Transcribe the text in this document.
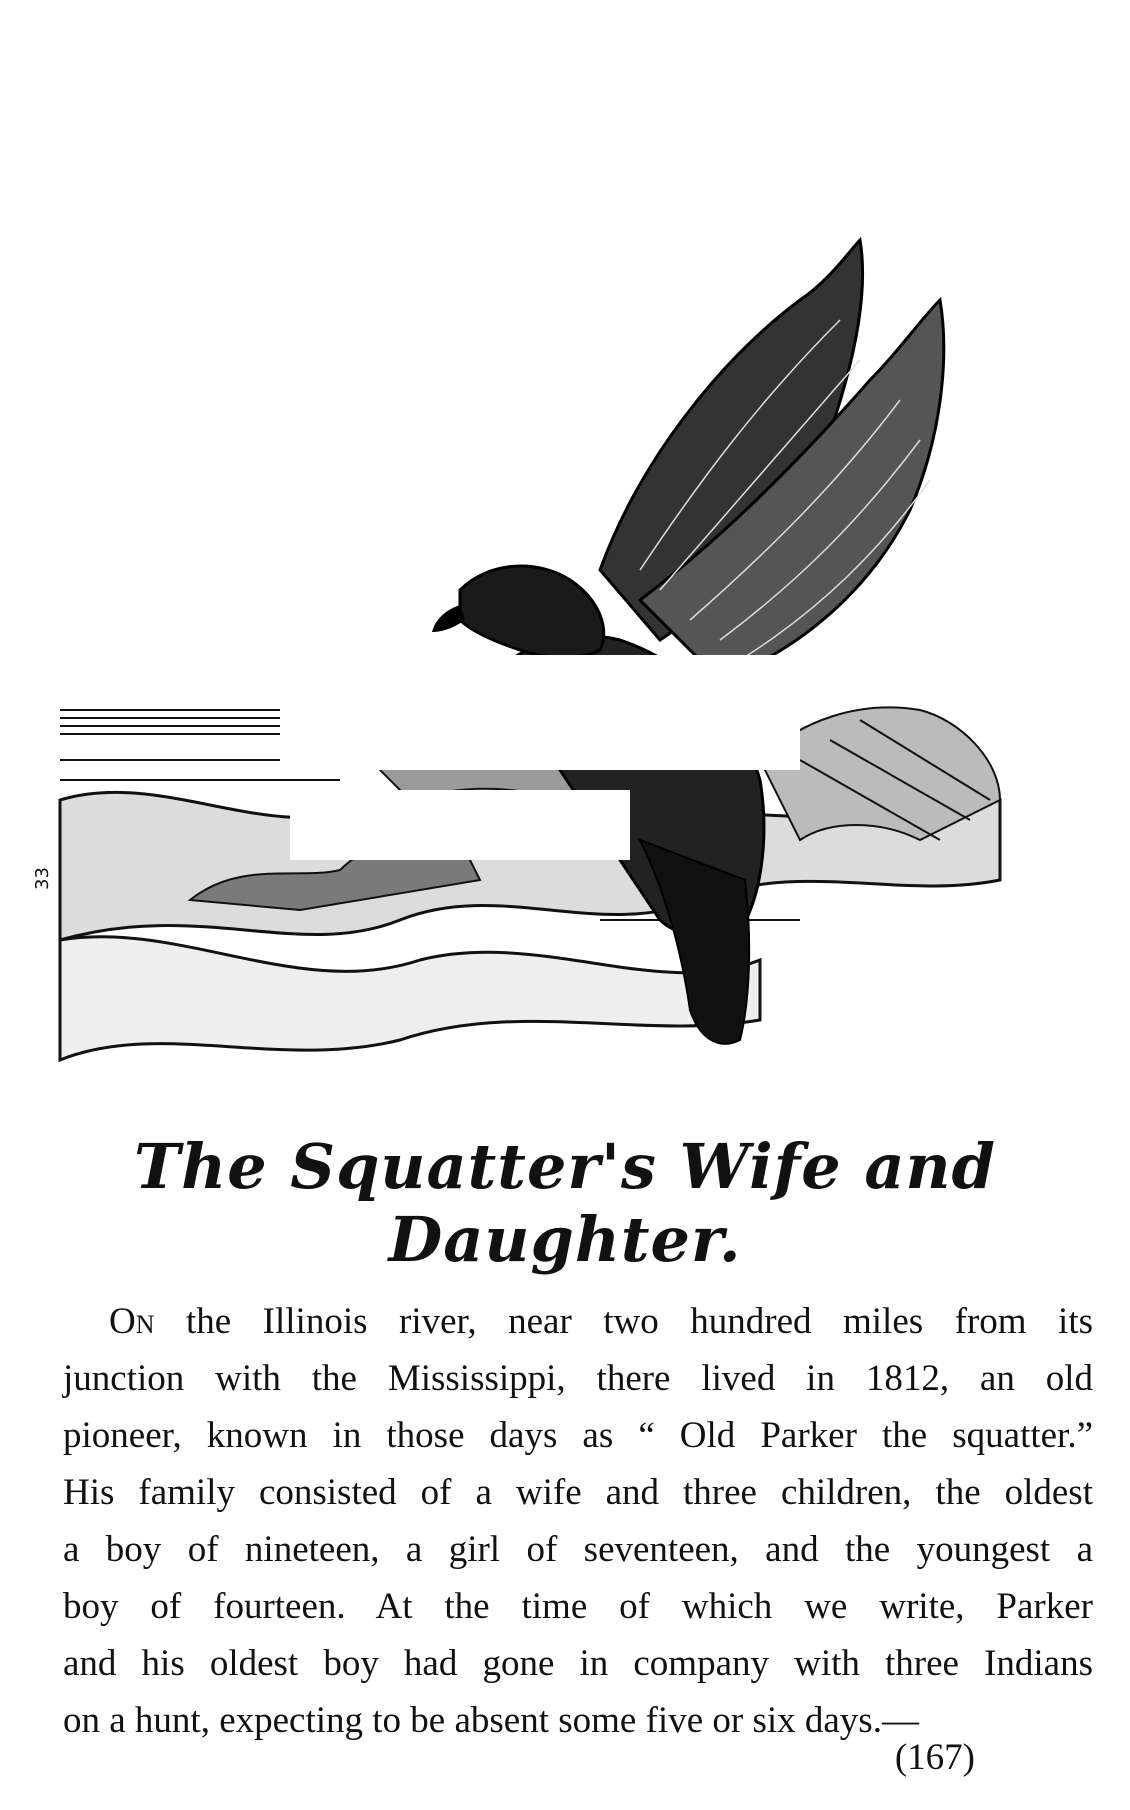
33
The Squatter's Wife and Daughter.
On the Illinois river, near two hundred miles from its
junction with the Mississippi, there lived in 1812, an old
pioneer, known in those days as “ Old Parker the squatter.”
His family consisted of a wife and three children, the oldest
a boy of nineteen, a girl of seventeen, and the youngest a
boy of fourteen. At the time of which we write, Parker
and his oldest boy had gone in company with three Indians
on a hunt, expecting to be absent some five or six days.—
(167)
